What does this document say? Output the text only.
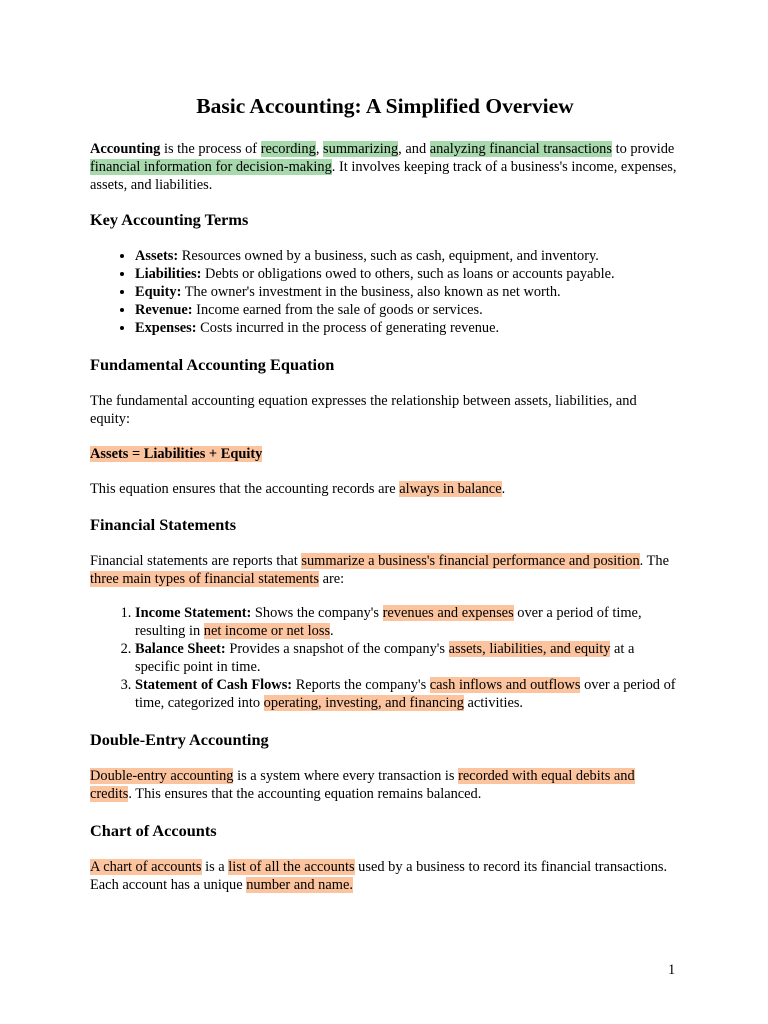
Basic Accounting: A Simplified Overview

Accounting is the process of recording, summarizing, and analyzing financial transactions to provide financial information for decision-making. It involves keeping track of a business's income, expenses, assets, and liabilities.

Key Accounting Terms
• Assets: Resources owned by a business, such as cash, equipment, and inventory.
• Liabilities: Debts or obligations owed to others, such as loans or accounts payable.
• Equity: The owner's investment in the business, also known as net worth.
• Revenue: Income earned from the sale of goods or services.
• Expenses: Costs incurred in the process of generating revenue.
Fundamental Accounting Equation

The fundamental accounting equation expresses the relationship between assets, liabilities, and equity:

Assets = Liabilities + Equity

This equation ensures that the accounting records are always in balance.

Financial Statements

Financial statements are reports that summarize a business's financial performance and position. The three main types of financial statements are:

1. Income Statement: Shows the company's revenues and expenses over a period of time, resulting in net income or net loss.
2. Balance Sheet: Provides a snapshot of the company's assets, liabilities, and equity at a specific point in time.
3. Statement of Cash Flows: Reports the company's cash inflows and outflows over a period of time, categorized into operating, investing, and financing activities.
Double-Entry Accounting

Double-entry accounting is a system where every transaction is recorded with equal debits and credits. This ensures that the accounting equation remains balanced.

Chart of Accounts

A chart of accounts is a list of all the accounts used by a business to record its financial transactions. Each account has a unique number and name.

1
